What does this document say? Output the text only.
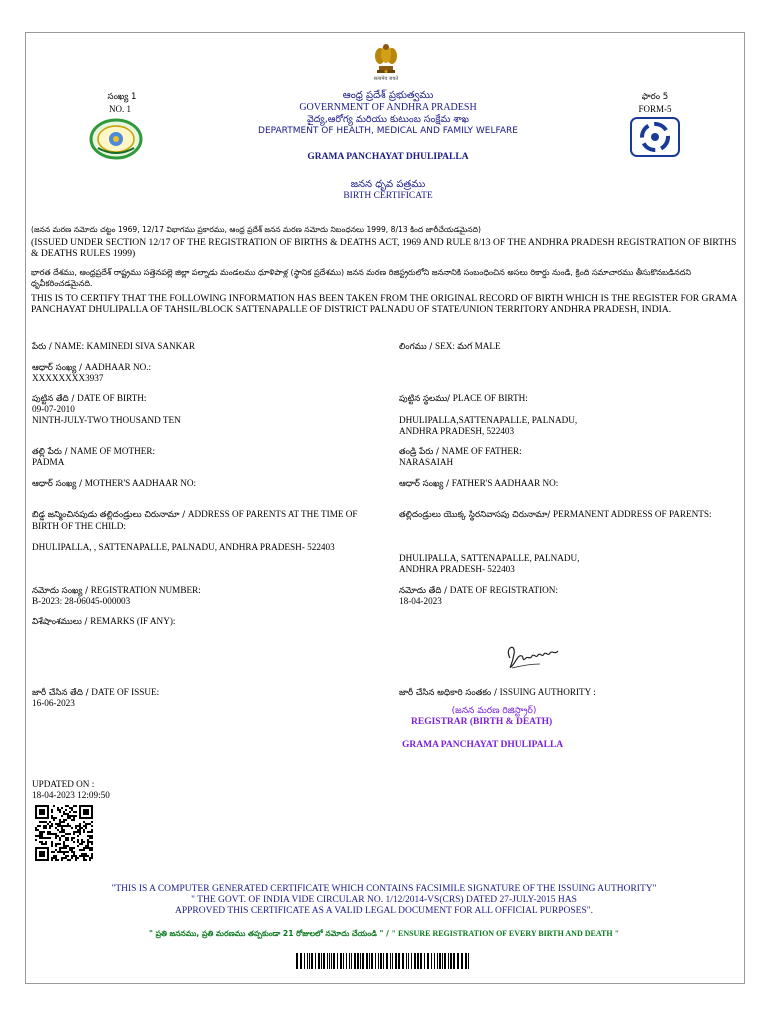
सत्यमेव जयते
సంఖ్య 1
NO. 1
ఫారం 5
FORM-5
ఆంధ్ర ప్రదేశ్ ప్రభుత్వము
GOVERNMENT OF ANDHRA PRADESH
వైద్య,ఆరోగ్య మరియు కుటుంబ సంక్షేమ శాఖ
DEPARTMENT OF HEALTH, MEDICAL AND FAMILY WELFARE
GRAMA PANCHAYAT DHULIPALLA
జనన ధృవ పత్రము
BIRTH CERTIFICATE
(జనన మరణ నమోదు చట్టం 1969, 12/17 విభాగము ప్రకారము, ఆంధ్ర ప్రదేశ్ జనన మరణ నమోదు నిబంధనలు 1999, 8/13 కింద జారీచేయడమైనది)
(ISSUED UNDER SECTION 12/17 OF THE REGISTRATION OF BIRTHS & DEATHS ACT, 1969 AND RULE 8/13 OF THE ANDHRA PRADESH REGISTRATION OF BIRTHS & DEATHS RULES 1999)
భారత దేశము, ఆంధ్రప్రదేశ్ రాష్ట్రము సత్తెనపల్లె జిల్లా పల్నాడు మండలము ధూళిపాళ్ల (స్థానిక ప్రదేశము) జనన మరణ రిజిస్ట్రరులోని జననానికి సంబంధించిన అసలు రికార్డు నుండి, క్రింది సమాచారము తీసుకొనబడినదని ధృవీకరించడమైనది.
THIS IS TO CERTIFY THAT THE FOLLOWING INFORMATION HAS BEEN TAKEN FROM THE ORIGINAL RECORD OF BIRTH WHICH IS THE REGISTER FOR GRAMA PANCHAYAT DHULIPALLA OF TAHSIL/BLOCK SATTENAPALLE OF DISTRICT PALNADU OF STATE/UNION TERRITORY ANDHRA PRADESH, INDIA.
పేరు / NAME: KAMINEDI SIVA SANKAR	లింగము / SEX: మగ MALE
ఆధార్ సంఖ్య / AADHAAR NO.:
XXXXXXXX3937
పుట్టిన తేది / DATE OF BIRTH:
09-07-2010
NINTH-JULY-TWO THOUSAND TEN
పుట్టిన స్థలము/ PLACE OF BIRTH:
DHULIPALLA,SATTENAPALLE, PALNADU,
ANDHRA PRADESH, 522403
తల్లి పేరు / NAME OF MOTHER:
PADMA
తండ్రి పేరు / NAME OF FATHER:
NARASAIAH
ఆధార్ సంఖ్య / MOTHER'S AADHAAR NO:	ఆధార్ సంఖ్య / FATHER'S AADHAAR NO:
బిడ్డ జన్మించినపుడు తల్లిదండ్రులు చిరునామా / ADDRESS OF PARENTS AT THE TIME OF BIRTH OF THE CHILD:
DHULIPALLA, , SATTENAPALLE, PALNADU, ANDHRA PRADESH- 522403
తల్లిదండ్రులు యొక్క స్థిరనివాసపు చిరునామా/ PERMANENT ADDRESS OF PARENTS:
DHULIPALLA, SATTENAPALLE, PALNADU,
ANDHRA PRADESH- 522403
నమోదు సంఖ్య / REGISTRATION NUMBER:
B-2023: 28-06045-000003
నమోదు తేది / DATE OF REGISTRATION:
18-04-2023
విశేషాంశములు / REMARKS (IF ANY):
జారీ చేసిన తేది / DATE OF ISSUE:
16-06-2023
జారీ చేసిన అధికారి సంతకం / ISSUING AUTHORITY :
(జనన మరణ రిజిస్ట్రార్)
REGISTRAR (BIRTH & DEATH)
GRAMA PANCHAYAT DHULIPALLA
UPDATED ON :
18-04-2023 12:09:50
"THIS IS A COMPUTER GENERATED CERTIFICATE WHICH CONTAINS FACSIMILE SIGNATURE OF THE ISSUING AUTHORITY"
" THE GOVT. OF INDIA VIDE CIRCULAR NO. 1/12/2014-VS(CRS) DATED 27-JULY-2015 HAS
APPROVED THIS CERTIFICATE AS A VALID LEGAL DOCUMENT FOR ALL OFFICIAL PURPOSES".
" ప్రతి జననము, ప్రతి మరణము తప్పకుండా 21 రోజులలో నమోదు చేయండి " / " ENSURE REGISTRATION OF EVERY BIRTH AND DEATH "
